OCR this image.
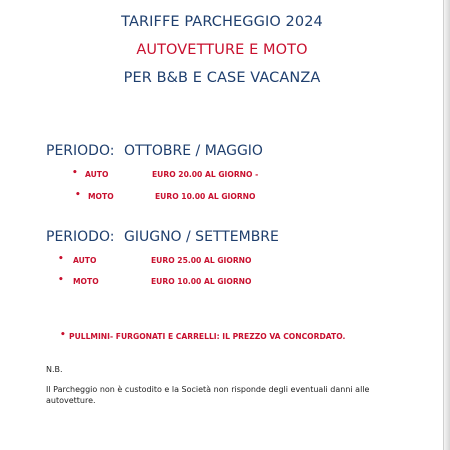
TARIFFE PARCHEGGIO 2024
AUTOVETTURE E MOTO
PER B&B E CASE VACANZA
PERIODO: OTTOBRE / MAGGIO
• AUTO	EURO 20.00 AL GIORNO -
• MOTO	EURO 10.00 AL GIORNO
PERIODO: GIUGNO / SETTEMBRE
• AUTO	EURO 25.00 AL GIORNO
• MOTO	EURO 10.00 AL GIORNO
• PULLMINI- FURGONATI E CARRELLI: IL PREZZO VA CONCORDATO.
N.B.
Il Parcheggio non è custodito e la Società non risponde degli eventuali danni alle autovetture.
